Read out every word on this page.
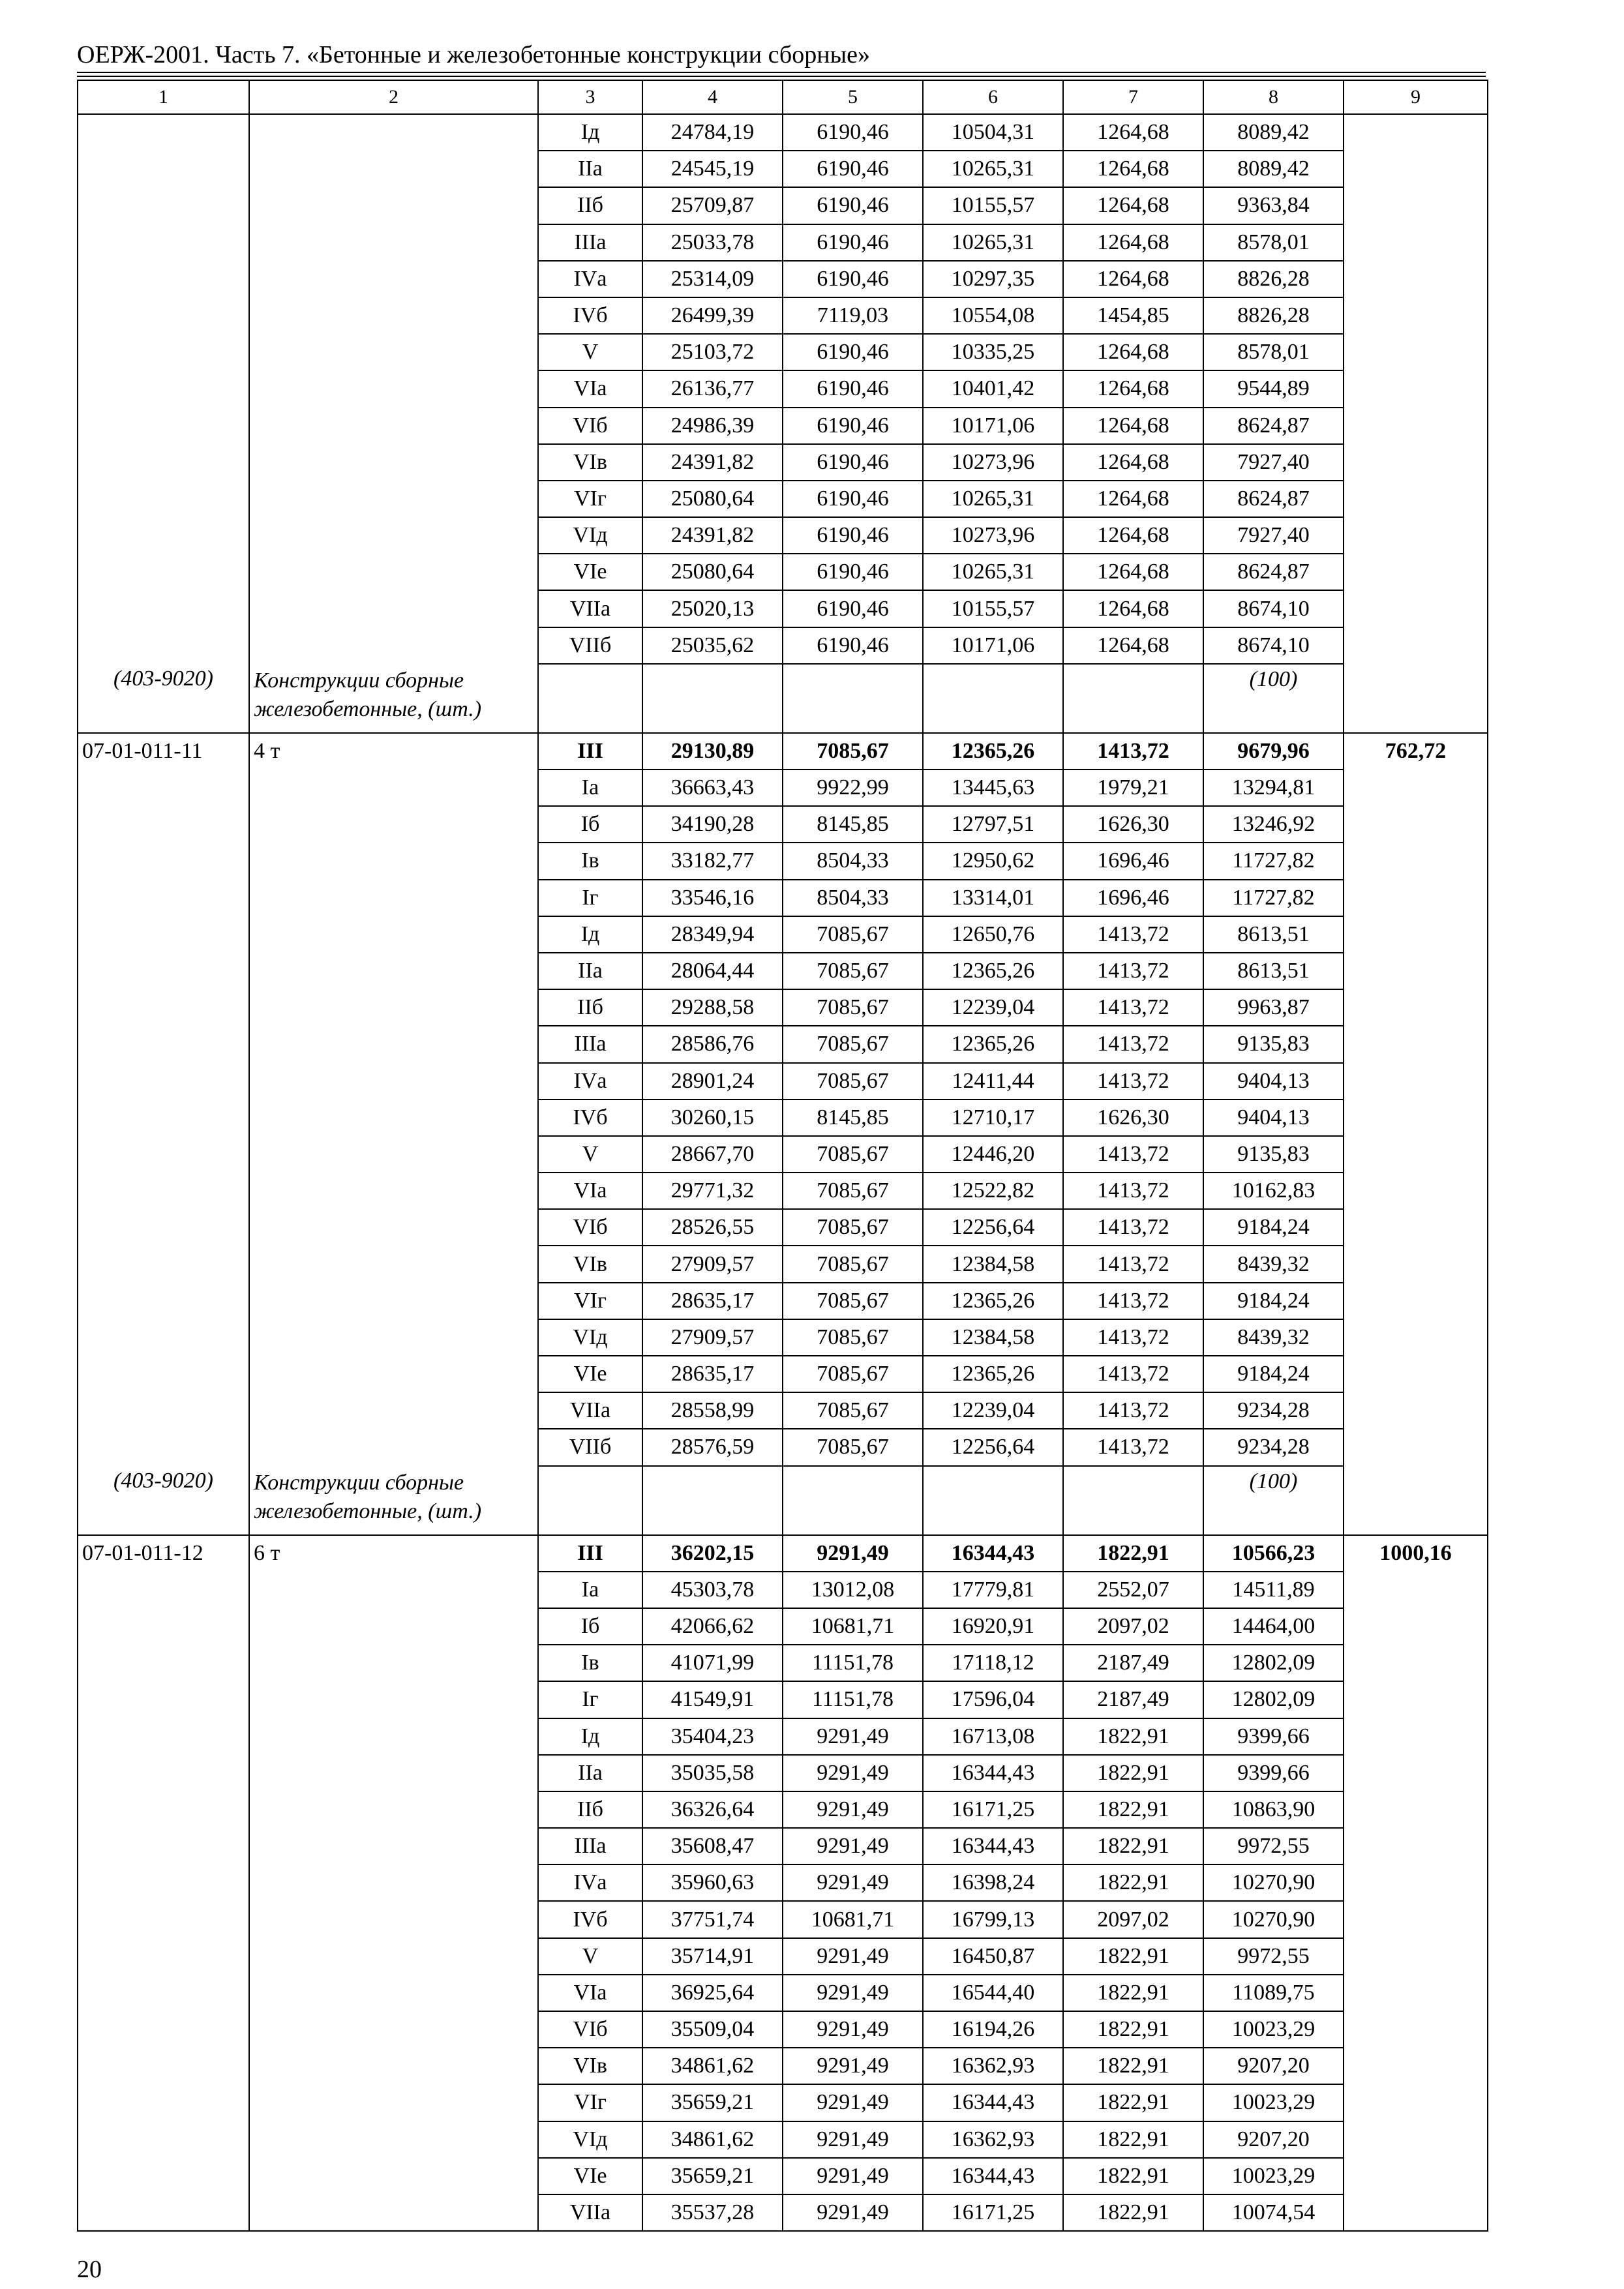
ОЕРЖ-2001. Часть 7. «Бетонные и железобетонные конструкции сборные»
1	2	3	4	5	6	7	8	9
		Iд	24784,19	6190,46	10504,31	1264,68	8089,42	
		IIа	24545,19	6190,46	10265,31	1264,68	8089,42	
		IIб	25709,87	6190,46	10155,57	1264,68	9363,84	
		IIIа	25033,78	6190,46	10265,31	1264,68	8578,01	
		IVа	25314,09	6190,46	10297,35	1264,68	8826,28	
		IVб	26499,39	7119,03	10554,08	1454,85	8826,28	
		V	25103,72	6190,46	10335,25	1264,68	8578,01	
		VIа	26136,77	6190,46	10401,42	1264,68	9544,89	
		VIб	24986,39	6190,46	10171,06	1264,68	8624,87	
		VIв	24391,82	6190,46	10273,96	1264,68	7927,40	
		VIг	25080,64	6190,46	10265,31	1264,68	8624,87	
		VIд	24391,82	6190,46	10273,96	1264,68	7927,40	
		VIе	25080,64	6190,46	10265,31	1264,68	8624,87	
		VIIа	25020,13	6190,46	10155,57	1264,68	8674,10	
		VIIб	25035,62	6190,46	10171,06	1264,68	8674,10	
(403-9020)	Конструкции сборные железобетонные, (шт.)						(100)	
07-01-011-11	4 т	III	29130,89	7085,67	12365,26	1413,72	9679,96	762,72
		Iа	36663,43	9922,99	13445,63	1979,21	13294,81	
		Iб	34190,28	8145,85	12797,51	1626,30	13246,92	
		Iв	33182,77	8504,33	12950,62	1696,46	11727,82	
		Iг	33546,16	8504,33	13314,01	1696,46	11727,82	
		Iд	28349,94	7085,67	12650,76	1413,72	8613,51	
		IIа	28064,44	7085,67	12365,26	1413,72	8613,51	
		IIб	29288,58	7085,67	12239,04	1413,72	9963,87	
		IIIа	28586,76	7085,67	12365,26	1413,72	9135,83	
		IVа	28901,24	7085,67	12411,44	1413,72	9404,13	
		IVб	30260,15	8145,85	12710,17	1626,30	9404,13	
		V	28667,70	7085,67	12446,20	1413,72	9135,83	
		VIа	29771,32	7085,67	12522,82	1413,72	10162,83	
		VIб	28526,55	7085,67	12256,64	1413,72	9184,24	
		VIв	27909,57	7085,67	12384,58	1413,72	8439,32	
		VIг	28635,17	7085,67	12365,26	1413,72	9184,24	
		VIд	27909,57	7085,67	12384,58	1413,72	8439,32	
		VIе	28635,17	7085,67	12365,26	1413,72	9184,24	
		VIIа	28558,99	7085,67	12239,04	1413,72	9234,28	
		VIIб	28576,59	7085,67	12256,64	1413,72	9234,28	
(403-9020)	Конструкции сборные железобетонные, (шт.)						(100)	
07-01-011-12	6 т	III	36202,15	9291,49	16344,43	1822,91	10566,23	1000,16
		Iа	45303,78	13012,08	17779,81	2552,07	14511,89	
		Iб	42066,62	10681,71	16920,91	2097,02	14464,00	
		Iв	41071,99	11151,78	17118,12	2187,49	12802,09	
		Iг	41549,91	11151,78	17596,04	2187,49	12802,09	
		Iд	35404,23	9291,49	16713,08	1822,91	9399,66	
		IIа	35035,58	9291,49	16344,43	1822,91	9399,66	
		IIб	36326,64	9291,49	16171,25	1822,91	10863,90	
		IIIа	35608,47	9291,49	16344,43	1822,91	9972,55	
		IVа	35960,63	9291,49	16398,24	1822,91	10270,90	
		IVб	37751,74	10681,71	16799,13	2097,02	10270,90	
		V	35714,91	9291,49	16450,87	1822,91	9972,55	
		VIа	36925,64	9291,49	16544,40	1822,91	11089,75	
		VIб	35509,04	9291,49	16194,26	1822,91	10023,29	
		VIв	34861,62	9291,49	16362,93	1822,91	9207,20	
		VIг	35659,21	9291,49	16344,43	1822,91	10023,29	
		VIд	34861,62	9291,49	16362,93	1822,91	9207,20	
		VIе	35659,21	9291,49	16344,43	1822,91	10023,29	
		VIIа	35537,28	9291,49	16171,25	1822,91	10074,54	
20
